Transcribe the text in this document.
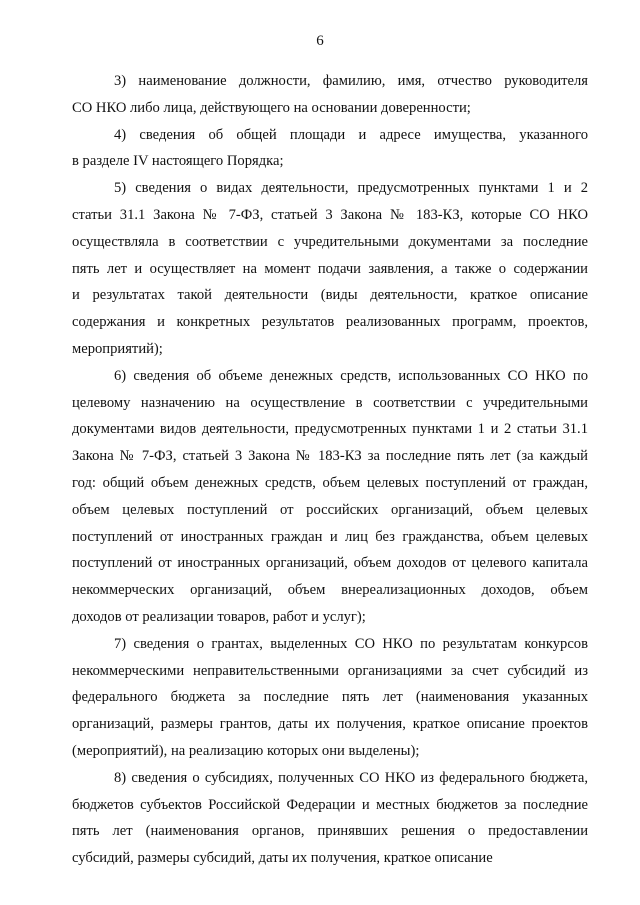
6
3) наименование должности, фамилию, имя, отчество руководителя
СО НКО либо лица, действующего на основании доверенности;
4) сведения об общей площади и адресе имущества, указанного
в разделе IV настоящего Порядка;
5) сведения о видах деятельности, предусмотренных пунктами 1 и 2
статьи 31.1 Закона № 7-ФЗ, статьей 3 Закона № 183-КЗ, которые СО НКО
осуществляла в соответствии с учредительными документами за последние
пять лет и осуществляет на момент подачи заявления, а также о содержании
и результатах такой деятельности (виды деятельности, краткое описание
содержания и конкретных результатов реализованных программ, проектов,
мероприятий);
6) сведения об объеме денежных средств, использованных СО НКО по
целевому назначению на осуществление в соответствии с учредительными
документами видов деятельности, предусмотренных пунктами 1 и 2 статьи 31.1
Закона № 7-ФЗ, статьей 3 Закона № 183-КЗ за последние пять лет (за каждый
год: общий объем денежных средств, объем целевых поступлений от граждан,
объем целевых поступлений от российских организаций, объем целевых
поступлений от иностранных граждан и лиц без гражданства, объем целевых
поступлений от иностранных организаций, объем доходов от целевого капитала
некоммерческих организаций, объем внереализационных доходов, объем
доходов от реализации товаров, работ и услуг);
7) сведения о грантах, выделенных СО НКО по результатам конкурсов
некоммерческими неправительственными организациями за счет субсидий из
федерального бюджета за последние пять лет (наименования указанных
организаций, размеры грантов, даты их получения, краткое описание проектов
(мероприятий), на реализацию которых они выделены);
8) сведения о субсидиях, полученных СО НКО из федерального бюджета,
бюджетов субъектов Российской Федерации и местных бюджетов за последние
пять лет (наименования органов, принявших решения о предоставлении
субсидий, размеры субсидий, даты их получения, краткое описание
